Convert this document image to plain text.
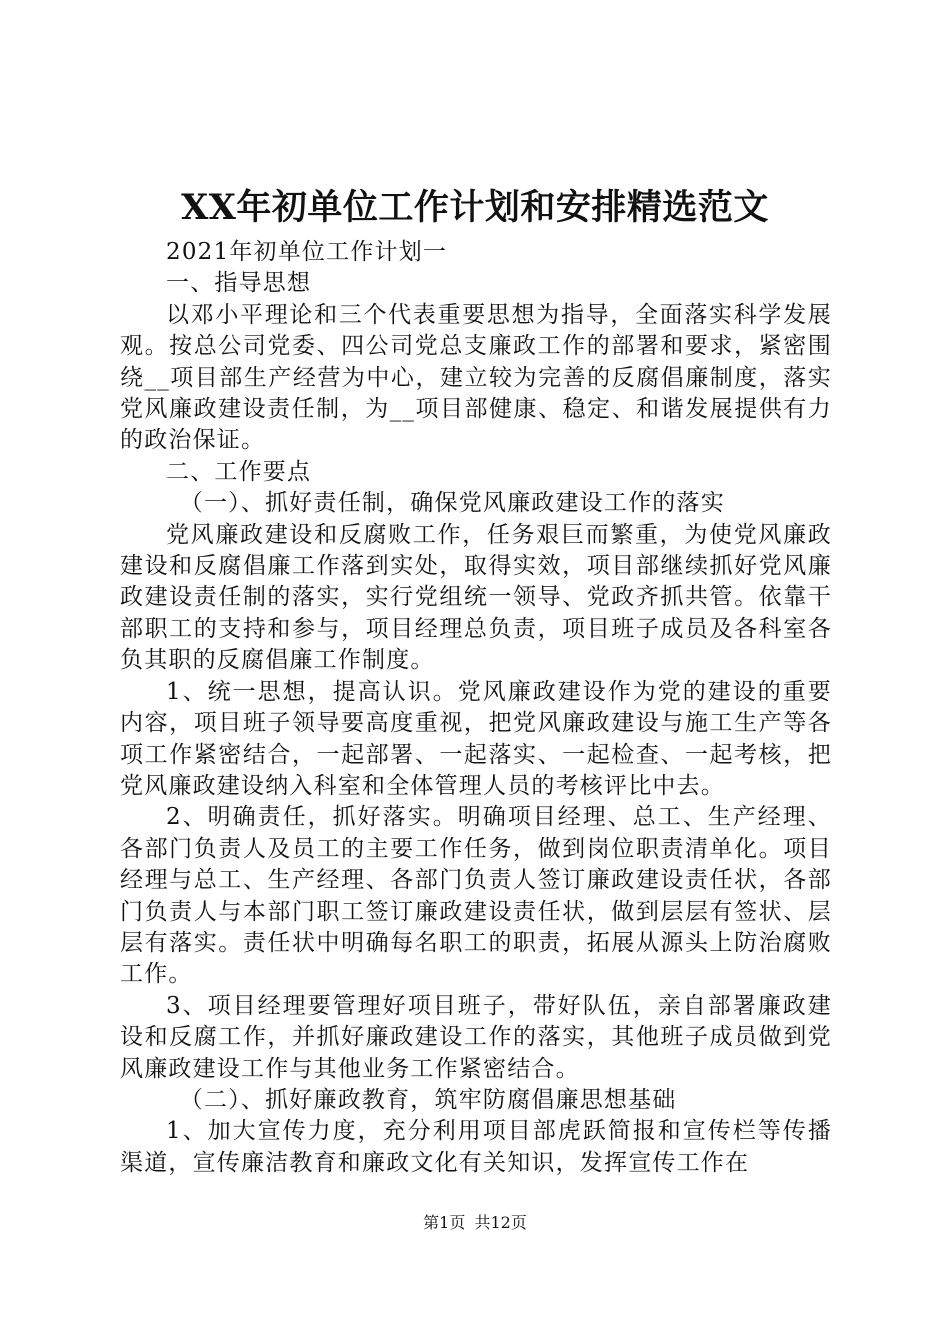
XX年初单位工作计划和安排精选范文

2021年初单位工作计划一

一、指导思想

以邓小平理论和三个代表重要思想为指导，全面落实科学发展观。按总公司党委、四公司党总支廉政工作的部署和要求，紧密围绕__项目部生产经营为中心，建立较为完善的反腐倡廉制度，落实党风廉政建设责任制，为__项目部健康、稳定、和谐发展提供有力的政治保证。

二、工作要点

（一）、抓好责任制，确保党风廉政建设工作的落实

党风廉政建设和反腐败工作，任务艰巨而繁重，为使党风廉政建设和反腐倡廉工作落到实处，取得实效，项目部继续抓好党风廉政建设责任制的落实，实行党组统一领导、党政齐抓共管。依靠干部职工的支持和参与，项目经理总负责，项目班子成员及各科室各负其职的反腐倡廉工作制度。

1、统一思想，提高认识。党风廉政建设作为党的建设的重要内容，项目班子领导要高度重视，把党风廉政建设与施工生产等各项工作紧密结合，一起部署、一起落实、一起检查、一起考核，把党风廉政建设纳入科室和全体管理人员的考核评比中去。

2、明确责任，抓好落实。明确项目经理、总工、生产经理、各部门负责人及员工的主要工作任务，做到岗位职责清单化。项目经理与总工、生产经理、各部门负责人签订廉政建设责任状，各部门负责人与本部门职工签订廉政建设责任状，做到层层有签状、层层有落实。责任状中明确每名职工的职责，拓展从源头上防治腐败工作。

3、项目经理要管理好项目班子，带好队伍，亲自部署廉政建设和反腐工作，并抓好廉政建设工作的落实，其他班子成员做到党风廉政建设工作与其他业务工作紧密结合。

（二）、抓好廉政教育，筑牢防腐倡廉思想基础

1、加大宣传力度，充分利用项目部虎跃简报和宣传栏等传播渠道，宣传廉洁教育和廉政文化有关知识，发挥宣传工作在

第1页 共12页
